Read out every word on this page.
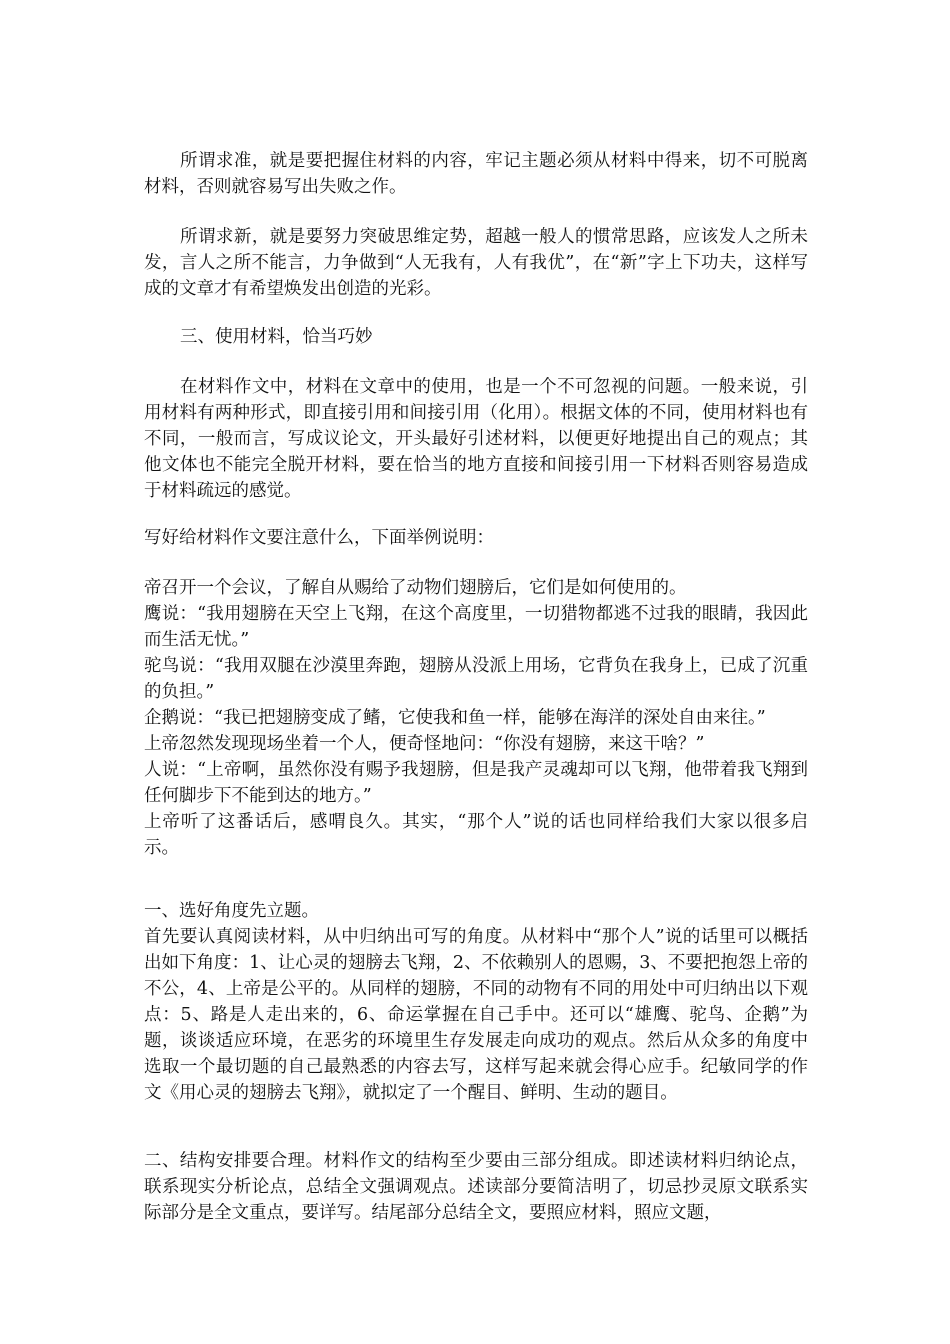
所谓求准，就是要把握住材料的内容，牢记主题必须从材料中得来，切不可脱离材料，否则就容易写出失败之作。

所谓求新，就是要努力突破思维定势，超越一般人的惯常思路，应该发人之所未发，言人之所不能言，力争做到“人无我有，人有我优”，在“新”字上下功夫，这样写成的文章才有希望焕发出创造的光彩。

三、使用材料，恰当巧妙

在材料作文中，材料在文章中的使用，也是一个不可忽视的问题。一般来说，引用材料有两种形式，即直接引用和间接引用（化用）。根据文体的不同，使用材料也有不同，一般而言，写成议论文，开头最好引述材料，以便更好地提出自己的观点；其他文体也不能完全脱开材料，要在恰当的地方直接和间接引用一下材料否则容易造成于材料疏远的感觉。

写好给材料作文要注意什么，下面举例说明：

帝召开一个会议，了解自从赐给了动物们翅膀后，它们是如何使用的。
鹰说：“我用翅膀在天空上飞翔，在这个高度里，一切猎物都逃不过我的眼睛，我因此而生活无忧。”
驼鸟说：“我用双腿在沙漠里奔跑，翅膀从没派上用场，它背负在我身上，已成了沉重的负担。”
企鹅说：“我已把翅膀变成了鳍，它使我和鱼一样，能够在海洋的深处自由来往。”
上帝忽然发现现场坐着一个人，便奇怪地问：“你没有翅膀，来这干啥？”
人说：“上帝啊，虽然你没有赐予我翅膀，但是我产灵魂却可以飞翔，他带着我飞翔到任何脚步下不能到达的地方。”
上帝听了这番话后，感喟良久。其实，“那个人”说的话也同样给我们大家以很多启示。
一、选好角度先立题。
首先要认真阅读材料，从中归纳出可写的角度。从材料中“那个人”说的话里可以概括出如下角度：1、让心灵的翅膀去飞翔，2、不依赖别人的恩赐，3、不要把抱怨上帝的不公，4、上帝是公平的。从同样的翅膀，不同的动物有不同的用处中可归纳出以下观点：5、路是人走出来的，6、命运掌握在自己手中。还可以“雄鹰、驼鸟、企鹅”为题，谈谈适应环境，在恶劣的环境里生存发展走向成功的观点。然后从众多的角度中选取一个最切题的自己最熟悉的内容去写，这样写起来就会得心应手。纪敏同学的作文《用心灵的翅膀去飞翔》，就拟定了一个醒目、鲜明、生动的题目。

二、结构安排要合理。材料作文的结构至少要由三部分组成。即述读材料归纳论点，联系现实分析论点，总结全文强调观点。述读部分要简洁明了，切忌抄灵原文联系实际部分是全文重点，要详写。结尾部分总结全文，要照应材料，照应文题，
